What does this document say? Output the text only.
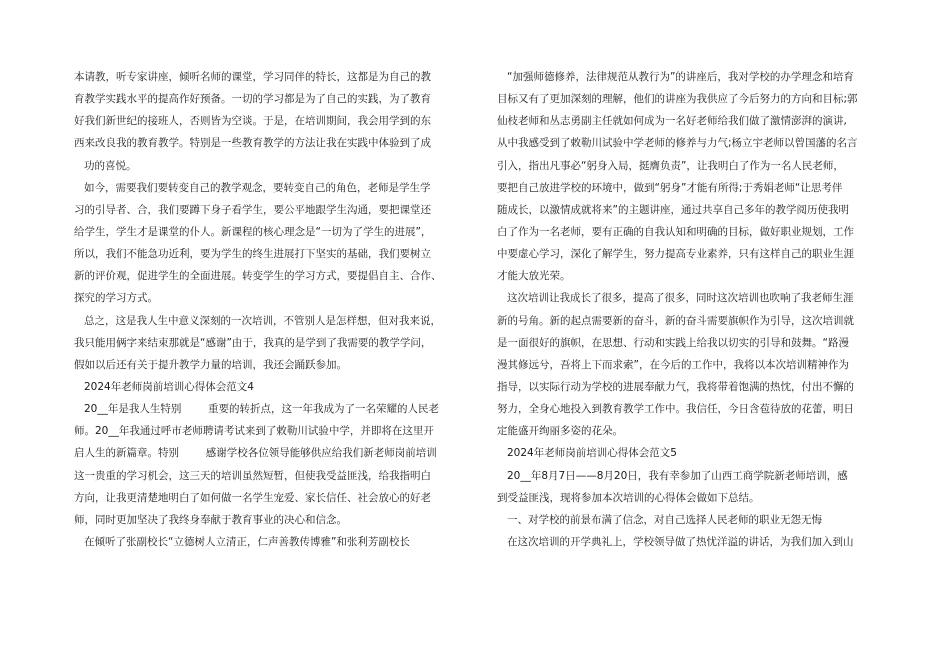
本请教，听专家讲座，倾听名师的课堂，学习同伴的特长，这都是为自己的教
育教学实践水平的提高作好预备。一切的学习都是为了自己的实践，为了教育
好我们新世纪的接班人，否则皆为空谈。于是，在培训期间，我会用学到的东
西来改良我的教育教学。特别是一些教育教学的方法让我在实践中体验到了成
功的喜悦。
如今，需要我们要转变自己的教学观念，要转变自己的角色，老师是学生学
习的引导者、合，我们要蹲下身子看学生，要公平地跟学生沟通，要把课堂还
给学生，学生才是课堂的仆人。新课程的核心理念是“一切为了学生的进展”，
所以，我们不能急功近利，要为学生的终生进展打下坚实的基础，我们要树立
新的评价观，促进学生的全面进展。转变学生的学习方式，要提倡自主、合作、
探究的学习方式。
总之，这是我人生中意义深刻的一次培训，不管别人是怎样想，但对我来说，
我只能用俩字来结束那就是“感谢”由于，我真的是学到了我需要的教学学问，
假如以后还有关于提升教学力量的培训，我还会踊跃参加。
2024年老师岗前培训心得体会范文4
20__年是我人生特别        重要的转折点，这一年我成为了一名荣耀的人民老
师。20__年我通过呼市老师聘请考试来到了敕勒川试验中学，并即将在这里开
启人生的新篇章。特别        感谢学校各位领导能够供应给我们新老师岗前培训
这一贵重的学习机会，这三天的培训虽然短暂，但使我受益匪浅，给我指明白
方向，让我更清楚地明白了如何做一名学生宠爱、家长信任、社会放心的好老
师，同时更加坚决了我终身奉献于教育事业的决心和信念。
在倾听了张副校长“立德树人立清正，仁声善教传博雅”和张利芳副校长
“加强师德修养，法律规范从教行为”的讲座后，我对学校的办学理念和培育
目标又有了更加深刻的理解，他们的讲座为我供应了今后努力的方向和目标;郭
仙枝老师和丛志勇副主任就如何成为一名好老师给我们做了激情澎湃的演讲,
从中我感受到了敕勒川试验中学老师的修养与力气;杨立宇老师以曾国藩的名言
引入，指出凡事必“躬身入局，挺膺负责”，让我明白了作为一名人民老师，
要把自己放进学校的环境中，做到“躬身”才能有所得;于秀娟老师“让思考伴
随成长，以激情成就将来”的主题讲座，通过共享自己多年的教学阅历使我明
白了作为一名老师，要有正确的自我认知和明确的目标，做好职业规划，工作
中要虚心学习，深化了解学生，努力提高专业素养，只有这样自己的职业生涯
才能大放光荣。
这次培训让我成长了很多，提高了很多，同时这次培训也吹响了我老师生涯
新的号角。新的起点需要新的奋斗，新的奋斗需要旗帜作为引导，这次培训就
是一面很好的旗帜，在思想、行动和实践上给我以切实的引导和鼓舞。“路漫
漫其修远兮，吾将上下而求索”，在今后的工作中，我将以本次培训精神作为
指导，以实际行动为学校的进展奉献力气，我将带着饱满的热忱，付出不懈的
努力，全身心地投入到教育教学工作中。我信任，今日含苞待放的花蕾，明日
定能盛开绚丽多姿的花朵。
2024年老师岗前培训心得体会范文5
20__年8月7日——8月20日，我有幸参加了山西工商学院新老师培训，感
到受益匪浅，现将参加本次培训的心得体会做如下总结。
一、对学校的前景布满了信念，对自己选择人民老师的职业无怨无悔
在这次培训的开学典礼上，学校领导做了热忧洋溢的讲话，为我们加入到山
